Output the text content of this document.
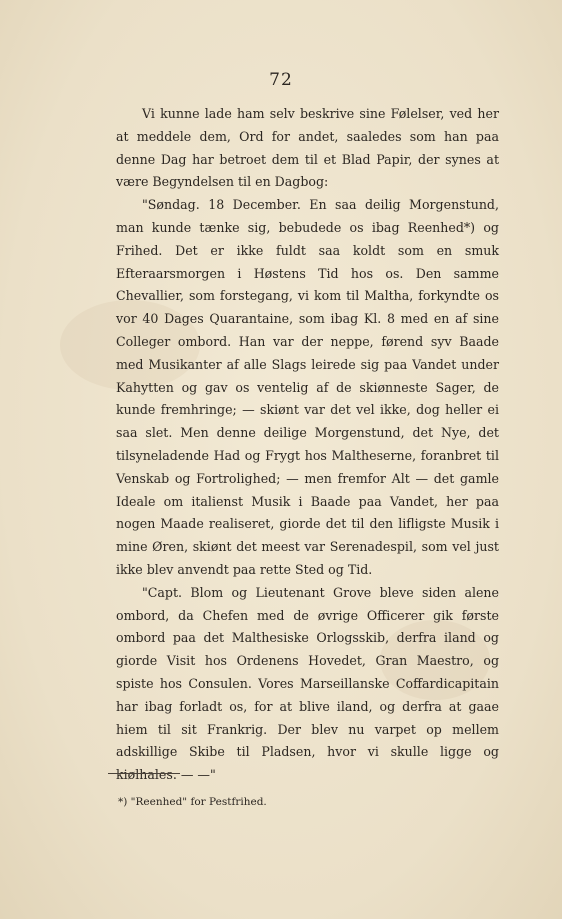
72

Vi kunne lade ham selv beskrive sine Følelser, ved her at meddele dem, Ord for andet, saaledes som han paa denne Dag har betroet dem til et Blad Papir, der synes at være Begyndelsen til en Dagbog:

"Søndag. 18 December. En saa deilig Morgenstund, man kunde tænke sig, bebudede os ibag Reenhed*) og Frihed. Det er ikke fuldt saa koldt som en smuk Efteraarsmorgen i Høstens Tid hos os. Den samme Chevallier, som forstegang, vi kom til Maltha, forkyndte os vor 40 Dages Quarantaine, som ibag Kl. 8 med en af sine Colleger ombord. Han var der neppe, førend syv Baade med Musikanter af alle Slags leirede sig paa Vandet under Kahytten og gav os ventelig af de skiønneste Sager, de kunde fremhringe; — skiønt var det vel ikke, dog heller ei saa slet. Men denne deilige Morgenstund, det Nye, det tilsyneladende Had og Frygt hos Maltheserne, foranbret til Venskab og Fortrolighed; — men fremfor Alt — det gamle Ideale om italienst Musik i Baade paa Vandet, her paa nogen Maade realiseret, giorde det til den lifligste Musik i mine Øren, skiønt det meest var Serenadespil, som vel just ikke blev anvendt paa rette Sted og Tid.

"Capt. Blom og Lieutenant Grove bleve siden alene ombord, da Chefen med de øvrige Officerer gik første ombord paa det Malthesiske Orlogsskib, derfra iland og giorde Visit hos Ordenens Hovedet, Gran Maestro, og spiste hos Consulen. Vores Marseillanske Coffardicapitain har ibag forladt os, for at blive iland, og derfra at gaae hiem til sit Frankrig. Der blev nu varpet op mellem adskillige Skibe til Pladsen, hvor vi skulle ligge og kiølhales. — —"

*) "Reenhed" for Pestfrihed.
